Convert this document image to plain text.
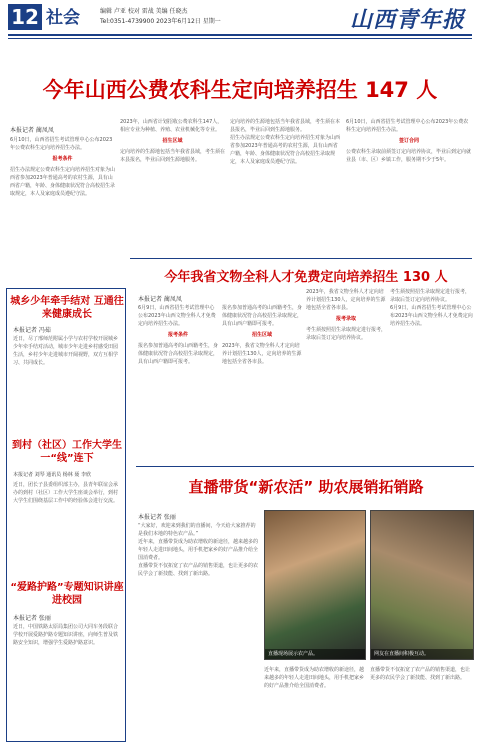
12 社会	编辑 卢亚 校对 雷战 美编 任晓杰
Tel:0351-4739900 2023年6月12日 星期一	山西青年报
今年山西公费农科生定向培养招生 147 人
本报记者 蔺凤凤
6月10日，山西省招生考试管理中心公布2023年公费农科生定向培养招生办法。
报考条件
招生办法规定公费农科生定向培养招生对象为山西省参加2023年普通高考的农村生源，具有山西省户籍，年龄、身体健康状况符合高校招生录取规定，本人及家庭成员遵纪守法。
2023年，山西省计划招收公费农科生147人，相应专业为种植、养殖、农业机械化等专业。
招生区域
定向培养的生源地包括当年我省县域，考生须在本县报名，毕业后回到生源地服务。
定向培养的生源地包括当年我省县域，考生须在本县报名，毕业后回到生源地服务。
招生办法规定公费农科生定向培养招生对象为山西省参加2023年普通高考的农村生源，具有山西省户籍，年龄、身体健康状况符合高校招生录取规定，本人及家庭成员遵纪守法。
6月10日，山西省招生考试管理中心公布2023年公费农科生定向培养招生办法。
签订合同
公费农科生录取前须签订定向培养协议，毕业后到定向就业县（市、区）乡镇工作，服务期不少于5年。
城乡少年牵手结对 互通往来健康成长
本报记者 冯茹
近日，尽了邢师范附属小学与农村学校开展城乡少年牵手结对活动，城市少年走进乡村感受田园生活，乡村少年走进城市开阔视野，双方互相学习、共同成长。
到村（社区）工作大学生一“线”连下
本报记者 刘琴 通讯员 杨林 聂 李欣
近日，团长子县委组织部主办，县青年联谊会承办的到村（社区）工作大学生座谈会举行，到村大学生们围绕基层工作中的经验体会进行交流。
“爱路护路”专题知识讲座进校园
本报记者 张丽
近日，中国铁路太原局集团公司大同车务段联合学校开展爱路护路专题知识讲座，向师生普及铁路安全知识，增强学生爱路护路意识。
今年我省文物全科人才免费定向培养招生 130 人
本报记者 蔺凤凤
6月9日，山西省招生考试管理中心公布2023年山西文物全科人才免费定向培养招生办法。
报考条件
报名参加普通高考的山西籍考生，身体健康状况符合高校招生录取规定，具有山西户籍即可报考。
报名参加普通高考的山西籍考生，身体健康状况符合高校招生录取规定，具有山西户籍即可报考。
招生区域
2023年，我省文物全科人才定向培养计划招生130人，定向培养的生源地包括全省各市县。
2023年，我省文物全科人才定向培养计划招生130人，定向培养的生源地包括全省各市县。
报考录取
考生须按照招生录取规定进行报考，录取后签订定向培养协议。
考生须按照招生录取规定进行报考，录取后签订定向培养协议。
6月9日，山西省招生考试管理中心公布2023年山西文物全科人才免费定向培养招生办法。
直播带货“新农活” 助农展销拓销路
本报记者 张丽
“大家好，欢迎来到我们的直播间，今天给大家推荐的是我们本地的特色农产品。”
近年来，直播带货成为助农增收的新途径，越来越多的年轻人走进田间地头，用手机把家乡的好产品推介给全国消费者。
直播带货不仅拓宽了农产品的销售渠道，也让更多的农民学会了新技能、找到了新出路。
直播现场展示农产品。	网友在直播间积极互动。
近年来，直播带货成为助农增收的新途径，越来越多的年轻人走进田间地头，用手机把家乡的好产品推介给全国消费者。
直播带货不仅拓宽了农产品的销售渠道，也让更多的农民学会了新技能、找到了新出路。
